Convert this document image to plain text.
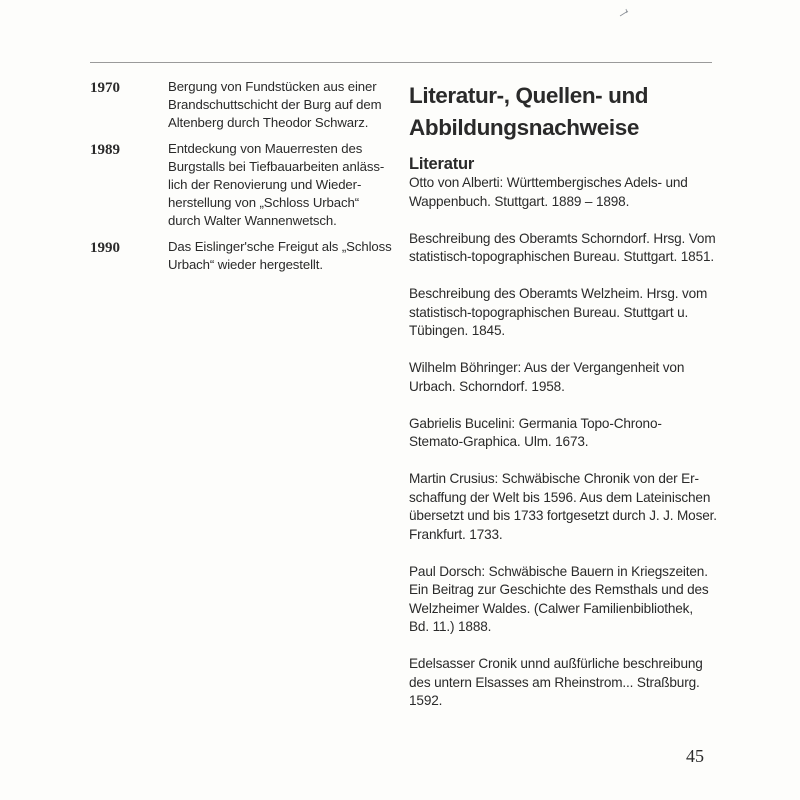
1970	Bergung von Fundstücken aus einer
Brandschuttschicht der Burg auf dem
Altenberg durch Theodor Schwarz.
1989	Entdeckung von Mauerresten des
Burgstalls bei Tiefbauarbeiten anläss-
lich der Renovierung und Wieder-
herstellung von „Schloss Urbach“
durch Walter Wannenwetsch.
1990	Das Eislinger'sche Freigut als „Schloss
Urbach“ wieder hergestellt.
Literatur-, Quellen- und
Abbildungsnachweise
Literatur
Otto von Alberti: Württembergisches Adels- und
Wappenbuch. Stuttgart. 1889 – 1898.
Beschreibung des Oberamts Schorndorf. Hrsg. Vom
statistisch-topographischen Bureau. Stuttgart. 1851.
Beschreibung des Oberamts Welzheim. Hrsg. vom
statistisch-topographischen Bureau. Stuttgart u.
Tübingen. 1845.
Wilhelm Böhringer: Aus der Vergangenheit von
Urbach. Schorndorf. 1958.
Gabrielis Bucelini: Germania Topo-Chrono-
Stemato-Graphica. Ulm. 1673.
Martin Crusius: Schwäbische Chronik von der Er-
schaffung der Welt bis 1596. Aus dem Lateinischen
übersetzt und bis 1733 fortgesetzt durch J. J. Moser.
Frankfurt. 1733.
Paul Dorsch: Schwäbische Bauern in Kriegszeiten.
Ein Beitrag zur Geschichte des Remsthals und des
Welzheimer Waldes. (Calwer Familienbibliothek,
Bd. 11.) 1888.
Edelsasser Cronik unnd außfürliche beschreibung
des untern Elsasses am Rheinstrom... Straßburg.
1592.
45
